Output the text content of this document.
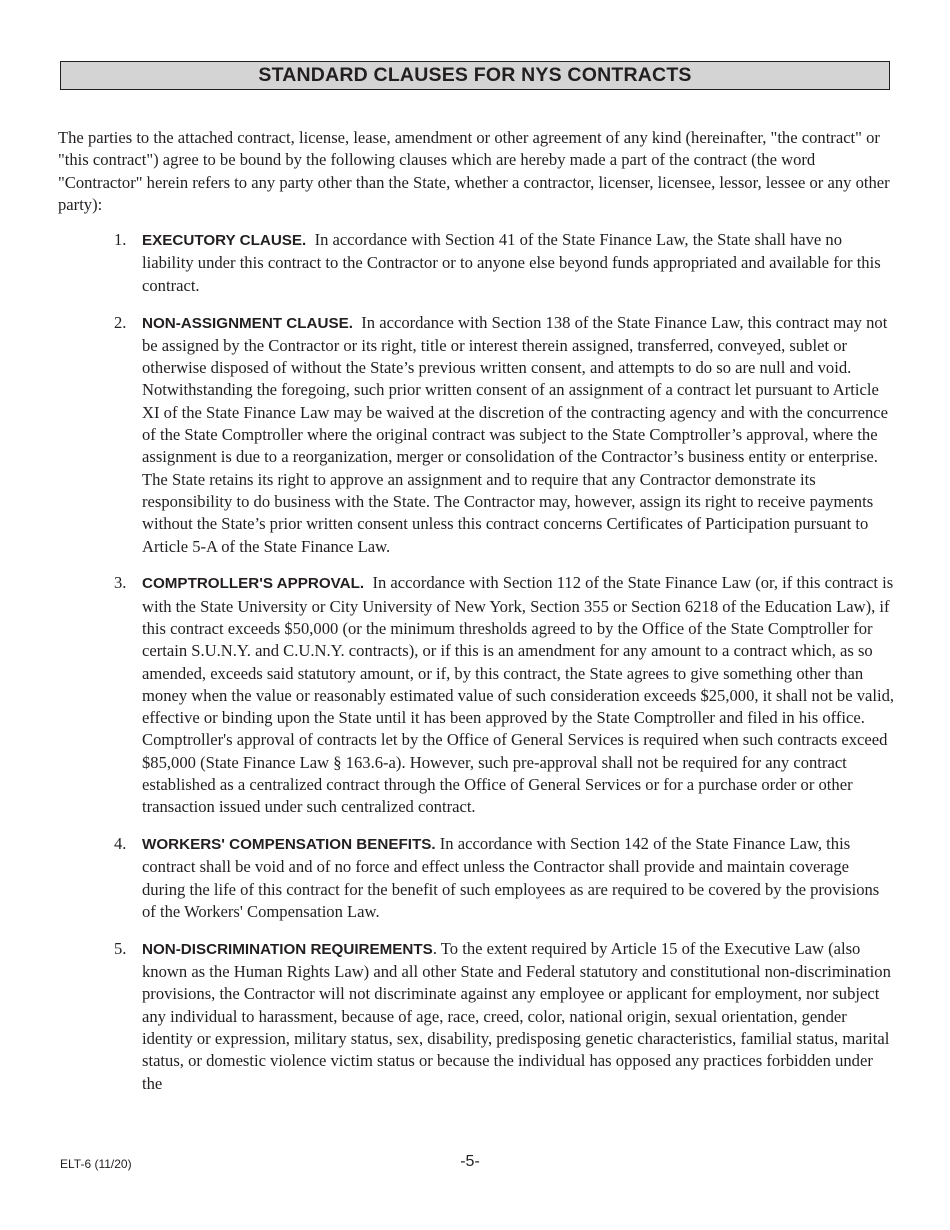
STANDARD CLAUSES FOR NYS CONTRACTS

The parties to the attached contract, license, lease, amendment or other agreement of any kind (hereinafter, "the contract" or "this contract") agree to be bound by the following clauses which are hereby made a part of the contract (the word "Contractor" herein refers to any party other than the State, whether a contractor, licenser, licensee, lessor, lessee or any other party):

1. EXECUTORY CLAUSE. In accordance with Section 41 of the State Finance Law, the State shall have no liability under this contract to the Contractor or to anyone else beyond funds appropriated and available for this contract.
2. NON-ASSIGNMENT CLAUSE. In accordance with Section 138 of the State Finance Law, this contract may not be assigned by the Contractor or its right, title or interest therein assigned, transferred, conveyed, sublet or otherwise disposed of without the State’s previous written consent, and attempts to do so are null and void. Notwithstanding the foregoing, such prior written consent of an assignment of a contract let pursuant to Article XI of the State Finance Law may be waived at the discretion of the contracting agency and with the concurrence of the State Comptroller where the original contract was subject to the State Comptroller’s approval, where the assignment is due to a reorganization, merger or consolidation of the Contractor’s business entity or enterprise. The State retains its right to approve an assignment and to require that any Contractor demonstrate its responsibility to do business with the State. The Contractor may, however, assign its right to receive payments without the State’s prior written consent unless this contract concerns Certificates of Participation pursuant to Article 5-A of the State Finance Law.
3. COMPTROLLER'S APPROVAL. In accordance with Section 112 of the State Finance Law (or, if this contract is with the State University or City University of New York, Section 355 or Section 6218 of the Education Law), if this contract exceeds $50,000 (or the minimum thresholds agreed to by the Office of the State Comptroller for certain S.U.N.Y. and C.U.N.Y. contracts), or if this is an amendment for any amount to a contract which, as so amended, exceeds said statutory amount, or if, by this contract, the State agrees to give something other than money when the value or reasonably estimated value of such consideration exceeds $25,000, it shall not be valid, effective or binding upon the State until it has been approved by the State Comptroller and filed in his office. Comptroller's approval of contracts let by the Office of General Services is required when such contracts exceed $85,000 (State Finance Law § 163.6-a). However, such pre-approval shall not be required for any contract established as a centralized contract through the Office of General Services or for a purchase order or other transaction issued under such centralized contract.
4. WORKERS' COMPENSATION BENEFITS. In accordance with Section 142 of the State Finance Law, this contract shall be void and of no force and effect unless the Contractor shall provide and maintain coverage during the life of this contract for the benefit of such employees as are required to be covered by the provisions of the Workers' Compensation Law.
5. NON-DISCRIMINATION REQUIREMENTS. To the extent required by Article 15 of the Executive Law (also known as the Human Rights Law) and all other State and Federal statutory and constitutional non-discrimination provisions, the Contractor will not discriminate against any employee or applicant for employment, nor subject any individual to harassment, because of age, race, creed, color, national origin, sexual orientation, gender identity or expression, military status, sex, disability, predisposing genetic characteristics, familial status, marital status, or domestic violence victim status or because the individual has opposed any practices forbidden under the
ELT-6 (11/20)	-5-
